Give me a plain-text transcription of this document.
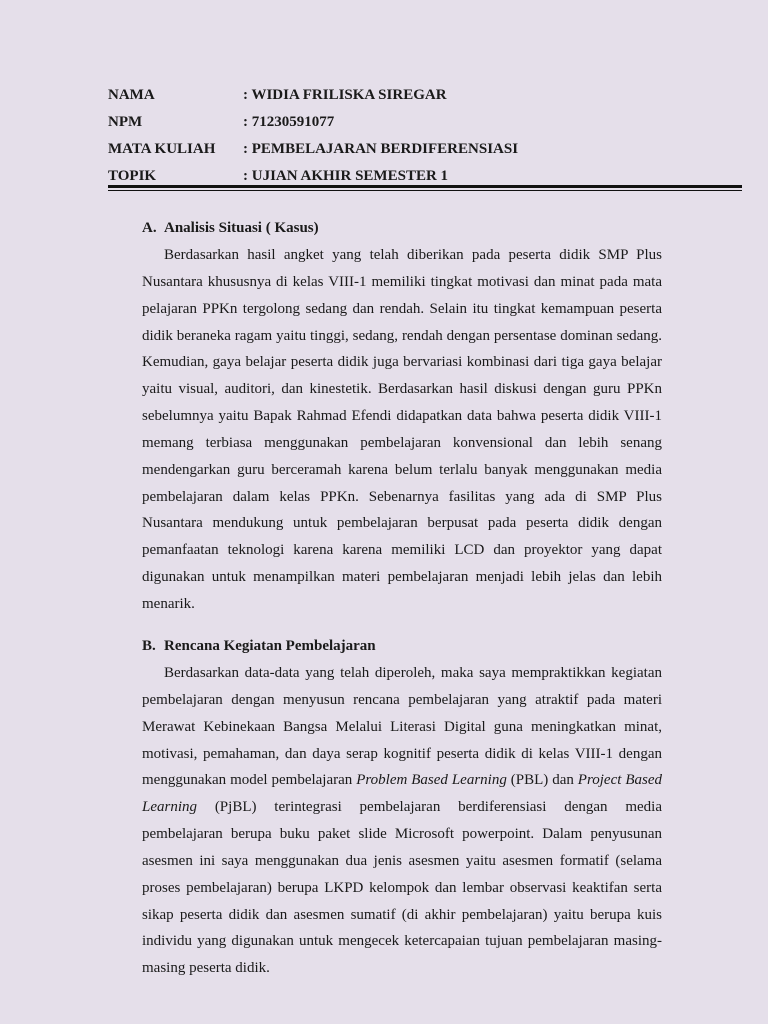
NAMA	: WIDIA FRILISKA SIREGAR
NPM	: 71230591077
MATA KULIAH	: PEMBELAJARAN BERDIFERENSIASI
TOPIK	: UJIAN AKHIR SEMESTER 1
A. Analisis Situasi ( Kasus)

Berdasarkan hasil angket yang telah diberikan pada peserta didik SMP Plus Nusantara khususnya di kelas VIII-1 memiliki tingkat motivasi dan minat pada mata pelajaran PPKn tergolong sedang dan rendah. Selain itu tingkat kemampuan peserta didik beraneka ragam yaitu tinggi, sedang, rendah dengan persentase dominan sedang. Kemudian, gaya belajar peserta didik juga bervariasi kombinasi dari tiga gaya belajar yaitu visual, auditori, dan kinestetik. Berdasarkan hasil diskusi dengan guru PPKn sebelumnya yaitu Bapak Rahmad Efendi didapatkan data bahwa peserta didik VIII-1 memang terbiasa menggunakan pembelajaran konvensional dan lebih senang mendengarkan guru berceramah karena belum terlalu banyak menggunakan media pembelajaran dalam kelas PPKn. Sebenarnya fasilitas yang ada di SMP Plus Nusantara mendukung untuk pembelajaran berpusat pada peserta didik dengan pemanfaatan teknologi karena karena memiliki LCD dan proyektor yang dapat digunakan untuk menampilkan materi pembelajaran menjadi lebih jelas dan lebih menarik.

B. Rencana Kegiatan Pembelajaran

Berdasarkan data-data yang telah diperoleh, maka saya mempraktikkan kegiatan pembelajaran dengan menyusun rencana pembelajaran yang atraktif pada materi Merawat Kebinekaan Bangsa Melalui Literasi Digital guna meningkatkan minat, motivasi, pemahaman, dan daya serap kognitif peserta didik di kelas VIII-1 dengan menggunakan model pembelajaran Problem Based Learning (PBL) dan Project Based Learning (PjBL) terintegrasi pembelajaran berdiferensiasi dengan media pembelajaran berupa buku paket slide Microsoft powerpoint. Dalam penyusunan asesmen ini saya menggunakan dua jenis asesmen yaitu asesmen formatif (selama proses pembelajaran) berupa LKPD kelompok dan lembar observasi keaktifan serta sikap peserta didik dan asesmen sumatif (di akhir pembelajaran) yaitu berupa kuis individu yang digunakan untuk mengecek ketercapaian tujuan pembelajaran masing-masing peserta didik.
